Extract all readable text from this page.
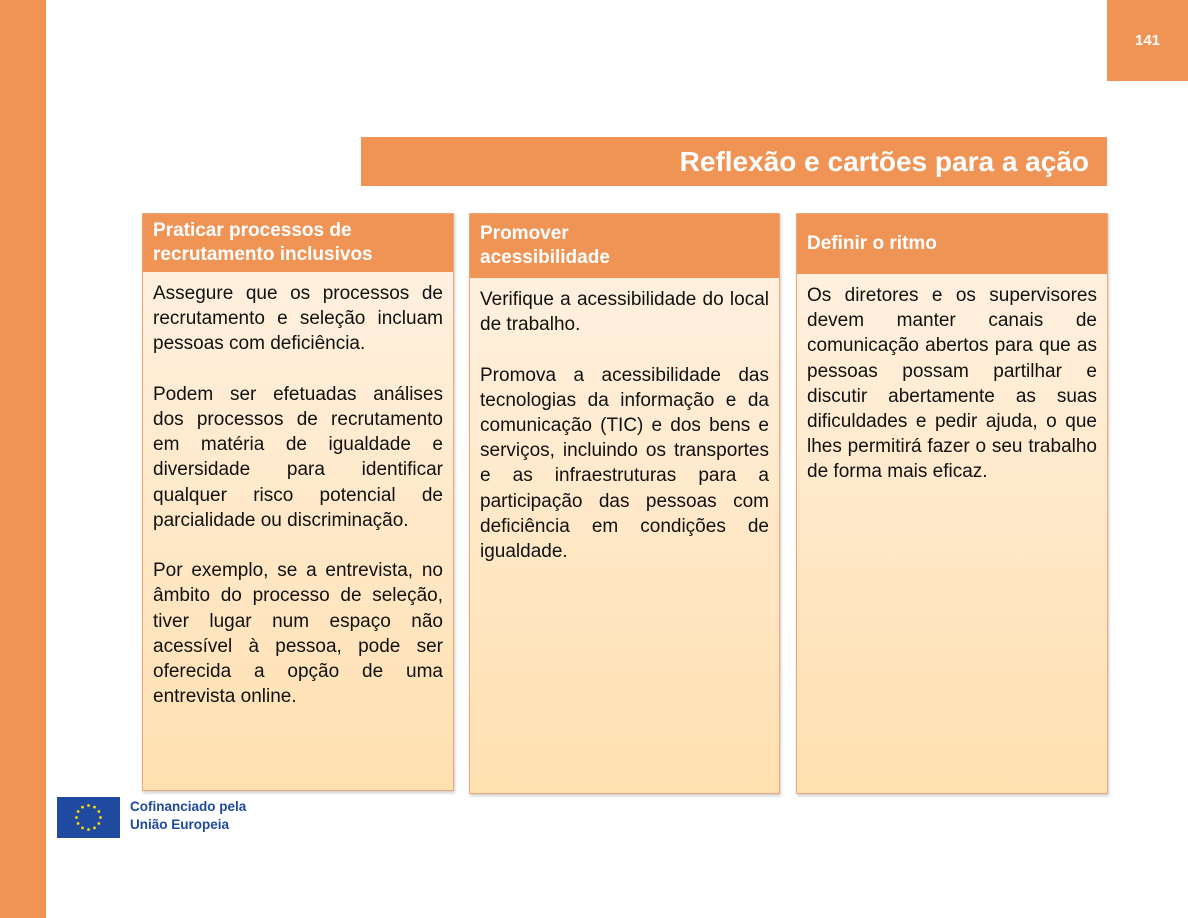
141
Reflexão e cartões para a ação
Praticar processos de recrutamento inclusivos

Assegure que os processos de recrutamento e seleção incluam pessoas com deficiência.

Podem ser efetuadas análises dos processos de recrutamento em matéria de igualdade e diversidade para identificar qualquer risco potencial de parcialidade ou discriminação.

Por exemplo, se a entrevista, no âmbito do processo de seleção, tiver lugar num espaço não acessível à pessoa, pode ser oferecida a opção de uma entrevista online.

Promover acessibilidade

Verifique a acessibilidade do local de trabalho.

Promova a acessibilidade das tecnologias da informação e da comunicação (TIC) e dos bens e serviços, incluindo os transportes e as infraestruturas para a participação das pessoas com deficiência em condições de igualdade.

Definir o ritmo

Os diretores e os supervisores devem manter canais de comunicação abertos para que as pessoas possam partilhar e discutir abertamente as suas dificuldades e pedir ajuda, o que lhes permitirá fazer o seu trabalho de forma mais eficaz.

Cofinanciado pela
União Europeia
